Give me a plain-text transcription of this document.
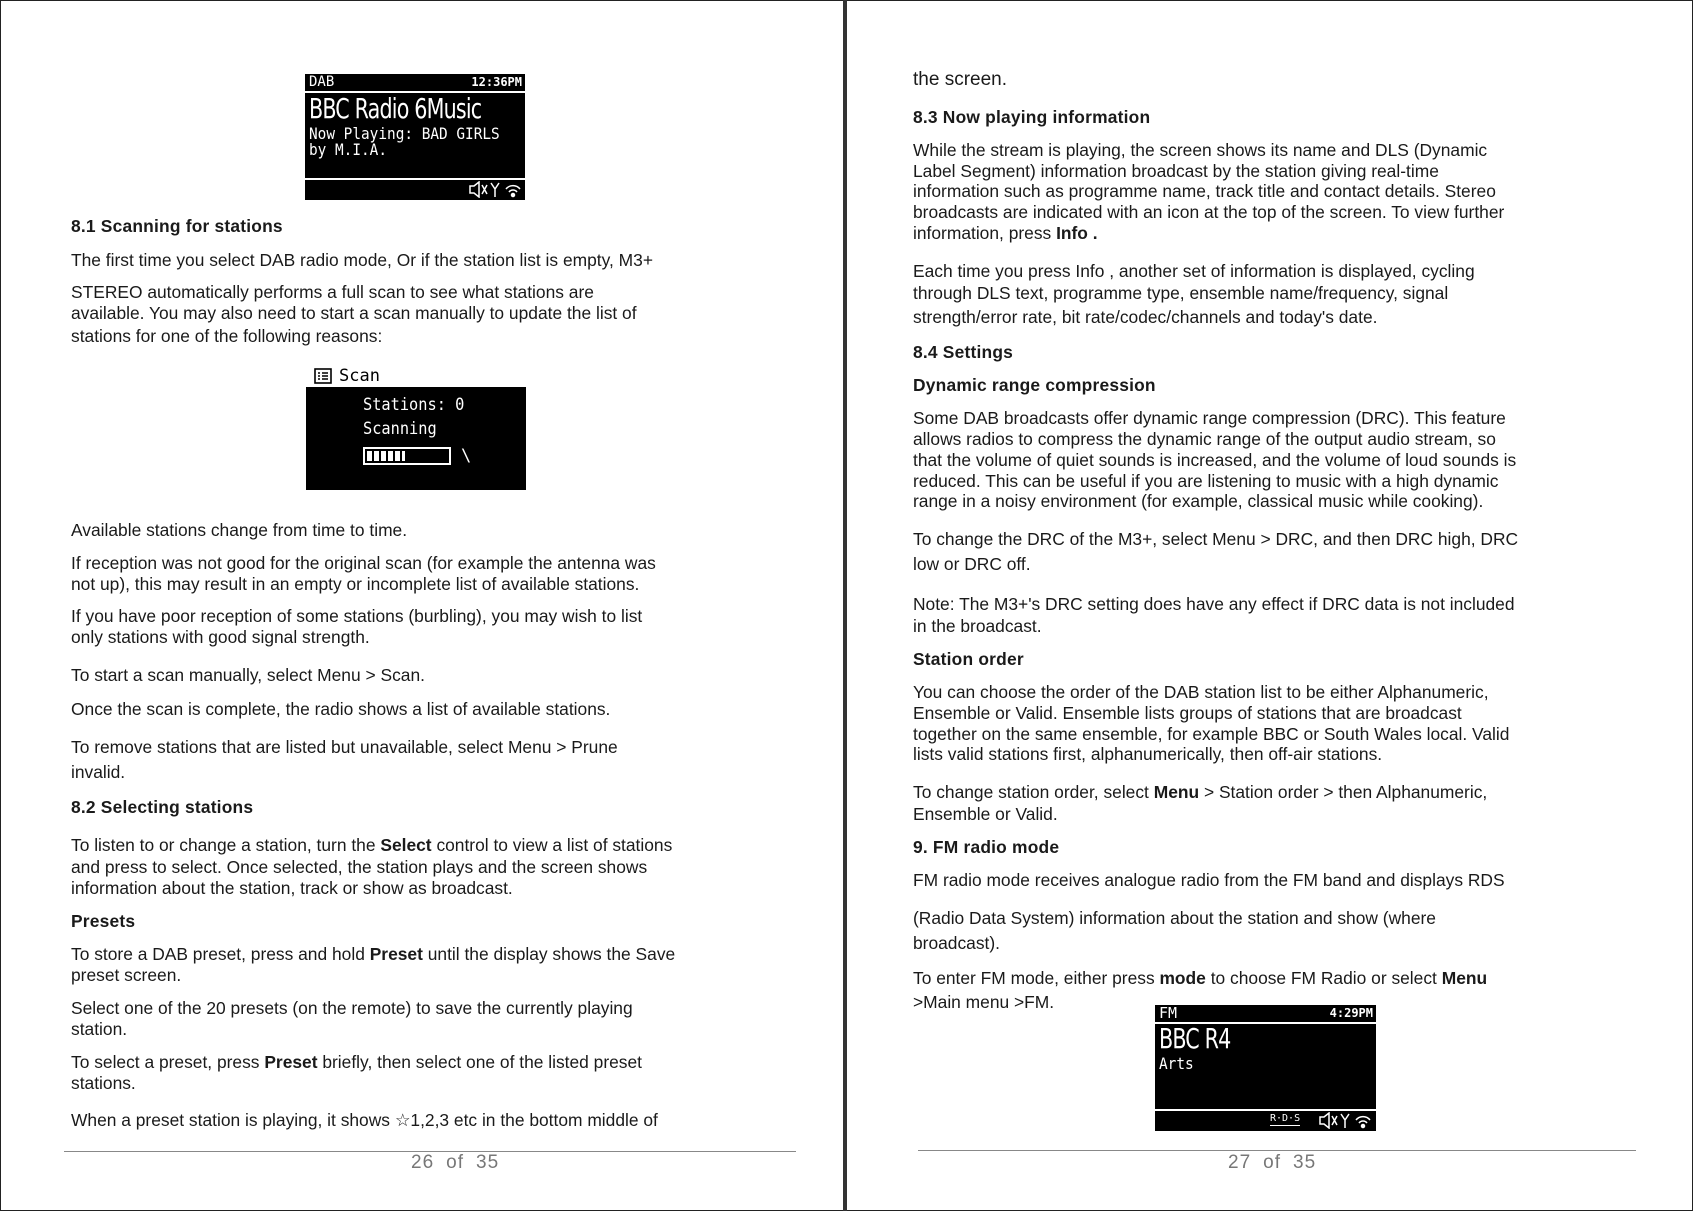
DAB	12:36PM
BBC Radio 6Music
Now Playing: BAD GIRLS
by M.I.A.

8.1 Scanning for stations

The first time you select DAB radio mode, Or if the station list is empty, M3+

STEREO automatically performs a full scan to see what stations are

available. You may also need to start a scan manually to update the list of

stations for one of the following reasons:

Scan
Stations: 0
Scanning
\

Available stations change from time to time.

If reception was not good for the original scan (for example the antenna was

not up), this may result in an empty or incomplete list of available stations.

If you have poor reception of some stations (burbling), you may wish to list

only stations with good signal strength.

To start a scan manually, select Menu > Scan.

Once the scan is complete, the radio shows a list of available stations.

To remove stations that are listed but unavailable, select Menu > Prune

invalid.

8.2 Selecting stations

To listen to or change a station, turn the Select control to view a list of stations

and press to select. Once selected, the station plays and the screen shows

information about the station, track or show as broadcast.

Presets

To store a DAB preset, press and hold Preset until the display shows the Save

preset screen.

Select one of the 20 presets (on the remote) to save the currently playing

station.

To select a preset, press Preset briefly, then select one of the listed preset

stations.

When a preset station is playing, it shows ☆1,2,3 etc in the bottom middle of

26 of 35

the screen.

8.3 Now playing information

While the stream is playing, the screen shows its name and DLS (Dynamic

Label Segment) information broadcast by the station giving real-time

information such as programme name, track title and contact details. Stereo

broadcasts are indicated with an icon at the top of the screen. To view further

information, press Info .

Each time you press Info , another set of information is displayed, cycling

through DLS text, programme type, ensemble name/frequency, signal

strength/error rate, bit rate/codec/channels and today's date.

8.4 Settings

Dynamic range compression

Some DAB broadcasts offer dynamic range compression (DRC). This feature

allows radios to compress the dynamic range of the output audio stream, so

that the volume of quiet sounds is increased, and the volume of loud sounds is

reduced. This can be useful if you are listening to music with a high dynamic

range in a noisy environment (for example, classical music while cooking).

To change the DRC of the M3+, select Menu > DRC, and then DRC high, DRC

low or DRC off.

Note: The M3+'s DRC setting does have any effect if DRC data is not included

in the broadcast.

Station order

You can choose the order of the DAB station list to be either Alphanumeric,

Ensemble or Valid. Ensemble lists groups of stations that are broadcast

together on the same ensemble, for example BBC or South Wales local. Valid

lists valid stations first, alphanumerically, then off-air stations.

To change station order, select Menu > Station order > then Alphanumeric,

Ensemble or Valid.

9. FM radio mode

FM radio mode receives analogue radio from the FM band and displays RDS

(Radio Data System) information about the station and show (where

broadcast).

To enter FM mode, either press mode to choose FM Radio or select Menu

>Main menu >FM.

FM	4:29PM
BBC R4
Arts
R·D·S
27 of 35
